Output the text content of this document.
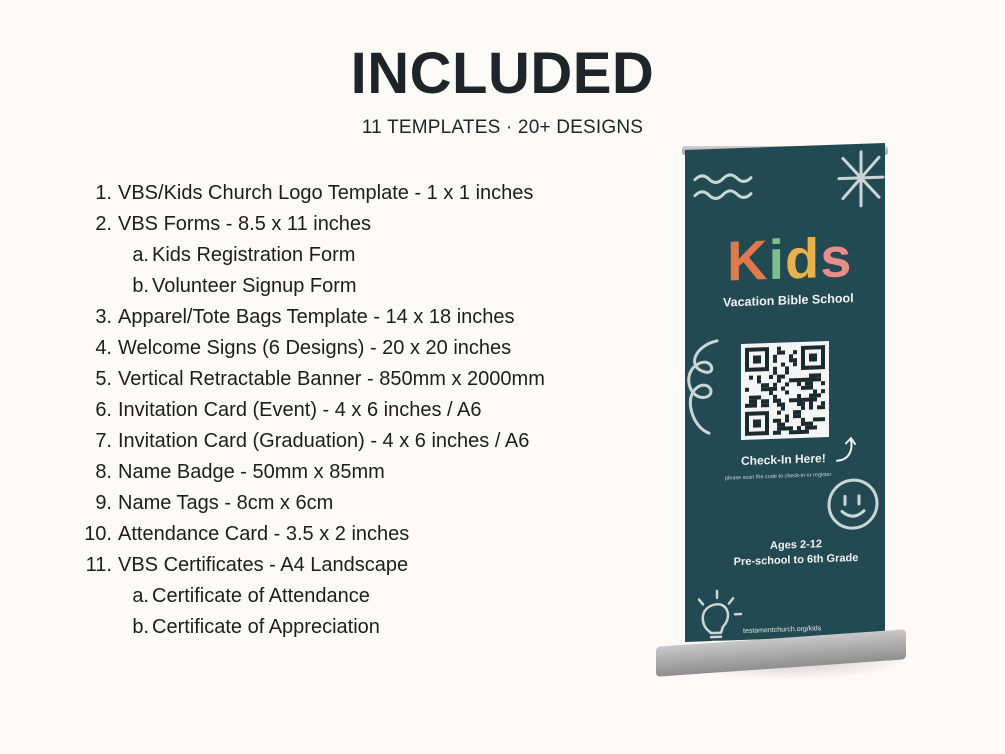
INCLUDED
11 TEMPLATES · 20+ DESIGNS
1. VBS/Kids Church Logo Template - 1 x 1 inches
2. VBS Forms - 8.5 x 11 inches
a. Kids Registration Form
b. Volunteer Signup Form
3. Apparel/Tote Bags Template - 14 x 18 inches
4. Welcome Signs (6 Designs) - 20 x 20 inches
5. Vertical Retractable Banner - 850mm x 2000mm
6. Invitation Card (Event) - 4 x 6 inches / A6
7. Invitation Card (Graduation) - 4 x 6 inches / A6
8. Name Badge - 50mm x 85mm
9. Name Tags - 8cm x 6cm
10. Attendance Card - 3.5 x 2 inches
11. VBS Certificates - A4 Landscape
a. Certificate of Attendance
b. Certificate of Appreciation
Kids
Vacation Bible School
Check-In Here!
please scan the code to check-in or register
Ages 2-12
Pre-school to 6th Grade
testamentchurch.org/kids
